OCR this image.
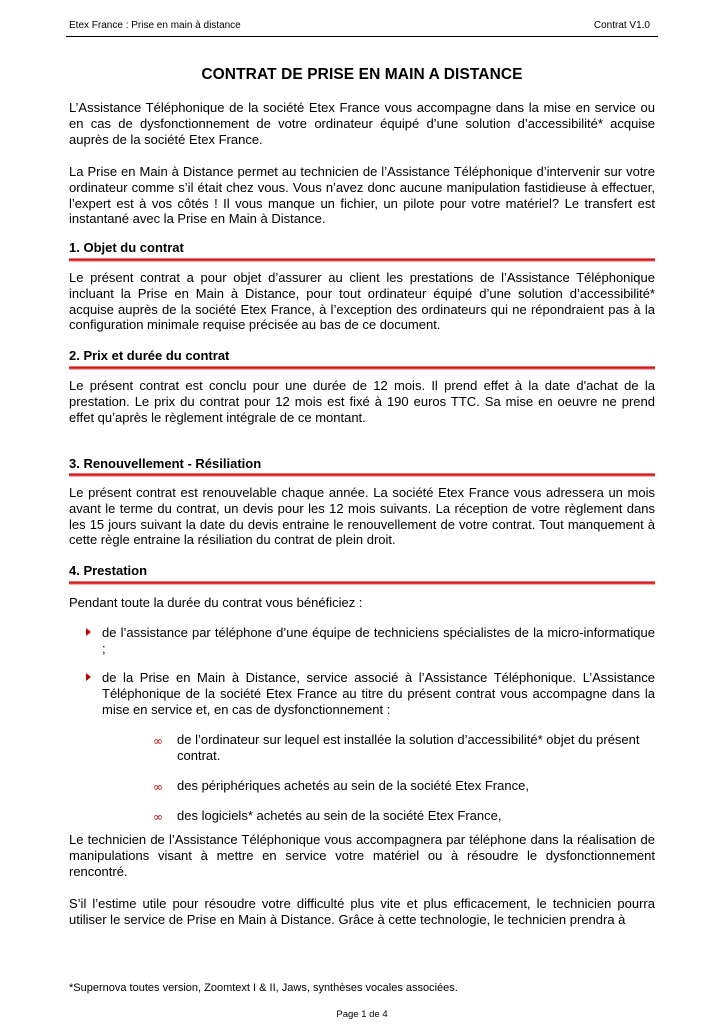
Etex France : Prise en main à distance	Contrat V1.0
CONTRAT DE PRISE EN MAIN A DISTANCE

L’Assistance Téléphonique de la société Etex France vous accompagne dans la mise en service ou en cas de dysfonctionnement de votre ordinateur équipé d’une solution d’accessibilité* acquise auprès de la société Etex France.

La Prise en Main à Distance permet au technicien de l’Assistance Téléphonique d’intervenir sur votre ordinateur comme s’il était chez vous. Vous n’avez donc aucune manipulation fastidieuse à effectuer, l’expert est à vos côtés ! Il vous manque un fichier, un pilote pour votre matériel? Le transfert est instantané avec la Prise en Main à Distance.

1. Objet du contrat

Le présent contrat a pour objet d’assurer au client les prestations de l’Assistance Téléphonique incluant la Prise en Main à Distance, pour tout ordinateur équipé d’une solution d’accessibilité* acquise auprès de la société Etex France, à l’exception des ordinateurs qui ne répondraient pas à la configuration minimale requise précisée au bas de ce document.

2. Prix et durée du contrat

Le présent contrat est conclu pour une durée de 12 mois. Il prend effet à la date d'achat de la prestation. Le prix du contrat pour 12 mois est fixé à 190 euros TTC. Sa mise en oeuvre ne prend effet qu’après le règlement intégrale de ce montant.

3. Renouvellement - Résiliation

Le présent contrat est renouvelable chaque année. La société Etex France vous adressera un mois avant le terme du contrat, un devis pour les 12 mois suivants. La réception de votre règlement dans les 15 jours suivant la date du devis entraine le renouvellement de votre contrat. Tout manquement à cette règle entraine la résiliation du contrat de plein droit.

4. Prestation

Pendant toute la durée du contrat vous bénéficiez :

de l’assistance par téléphone d’une équipe de techniciens spécialistes de la micro-informatique ;

de la Prise en Main à Distance, service associé à l’Assistance Téléphonique. L’Assistance Téléphonique de la société Etex France au titre du présent contrat vous accompagne dans la mise en service et, en cas de dysfonctionnement :

∞ de l’ordinateur sur lequel est installée la solution d’accessibilité* objet du présent contrat.

∞ des périphériques achetés au sein de la société Etex France,

∞ des logiciels* achetés au sein de la société Etex France,

Le technicien de l’Assistance Téléphonique vous accompagnera par téléphone dans la réalisation de manipulations visant à mettre en service votre matériel ou à résoudre le dysfonctionnement rencontré.

S’il l’estime utile pour résoudre votre difficulté plus vite et plus efficacement, le technicien pourra utiliser le service de Prise en Main à Distance. Grâce à cette technologie, le technicien prendra à

*Supernova toutes version, Zoomtext I & II, Jaws, synthèses vocales associées.
Page 1 de 4
